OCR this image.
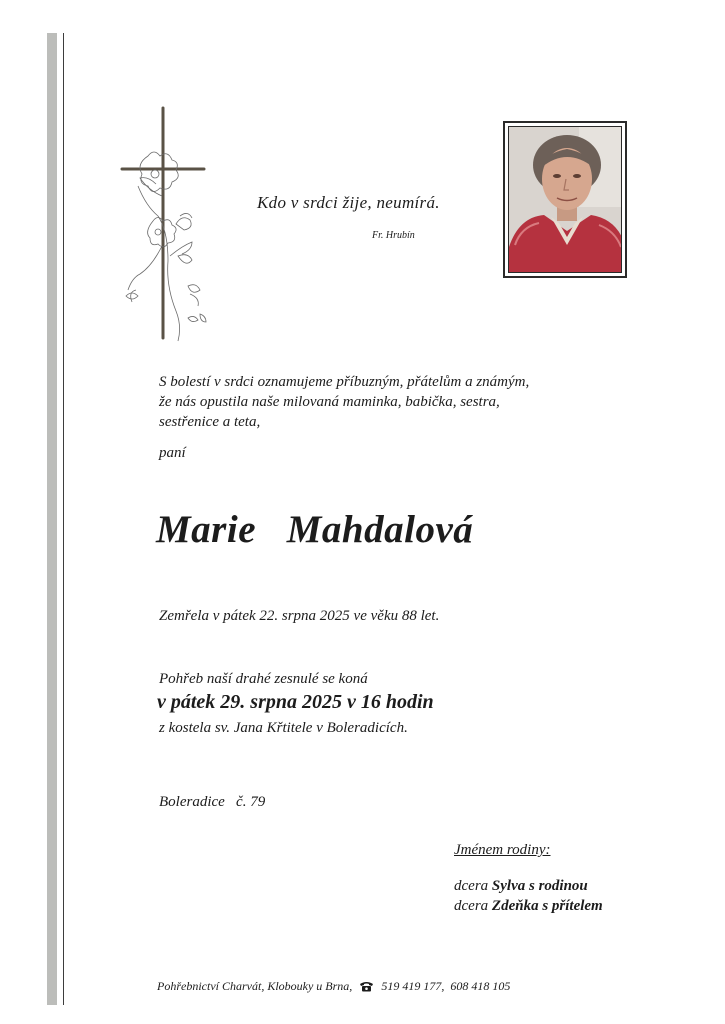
Kdo v srdci žije, neumírá.
Fr. Hrubín
S bolestí v srdci oznamujeme příbuzným, přátelům a známým,
že nás opustila naše milovaná maminka, babička, sestra,
sestřenice a teta,
paní
Marie Mahdalová
Zemřela v pátek 22. srpna 2025 ve věku 88 let.
Pohřeb naší drahé zesnulé se koná
v pátek 29. srpna 2025 v 16 hodin
z kostela sv. Jana Křtitele v Boleradicích.
Boleradice   č. 79
Jménem rodiny:
dcera Sylva s rodinou
dcera Zdeňka s přítelem
Pohřebnictví Charvát, Klobouky u Brna, 519 419 177,  608 418 105
